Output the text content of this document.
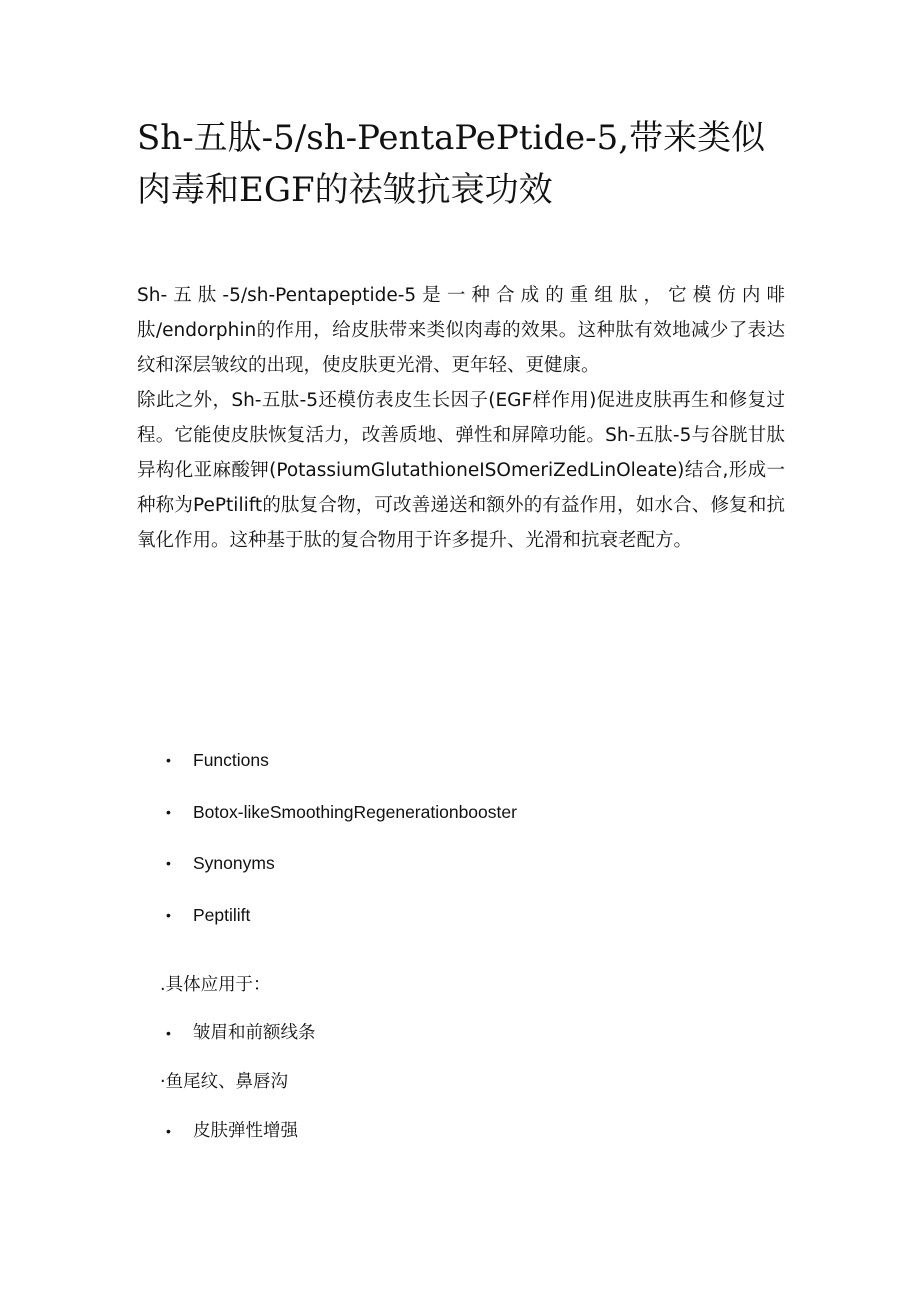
Sh-五肽-5/sh-PentaPePtide-5,带来类似肉毒和EGF的祛皱抗衰功效

Sh-五肽-5/sh-Pentapeptide-5是一种合成的重组肽，它模仿内啡肽/endorphin的作用，给皮肤带来类似肉毒的效果。这种肽有效地减少了表达纹和深层皱纹的出现，使皮肤更光滑、更年轻、更健康。

除此之外，Sh-五肽-5还模仿表皮生长因子(EGF样作用)促进皮肤再生和修复过程。它能使皮肤恢复活力，改善质地、弹性和屏障功能。Sh-五肽-5与谷胱甘肽异构化亚麻酸钾(PotassiumGlutathioneISOmeriZedLinOleate)结合,形成一种称为PePtilift的肽复合物，可改善递送和额外的有益作用，如水合、修复和抗氧化作用。这种基于肽的复合物用于许多提升、光滑和抗衰老配方。

• Functions
• Botox-likeSmoothingRegenerationbooster
• Synonyms
• Peptilift
.具体应用于：
• 皱眉和前额线条
·鱼尾纹、鼻唇沟
• 皮肤弹性增强
